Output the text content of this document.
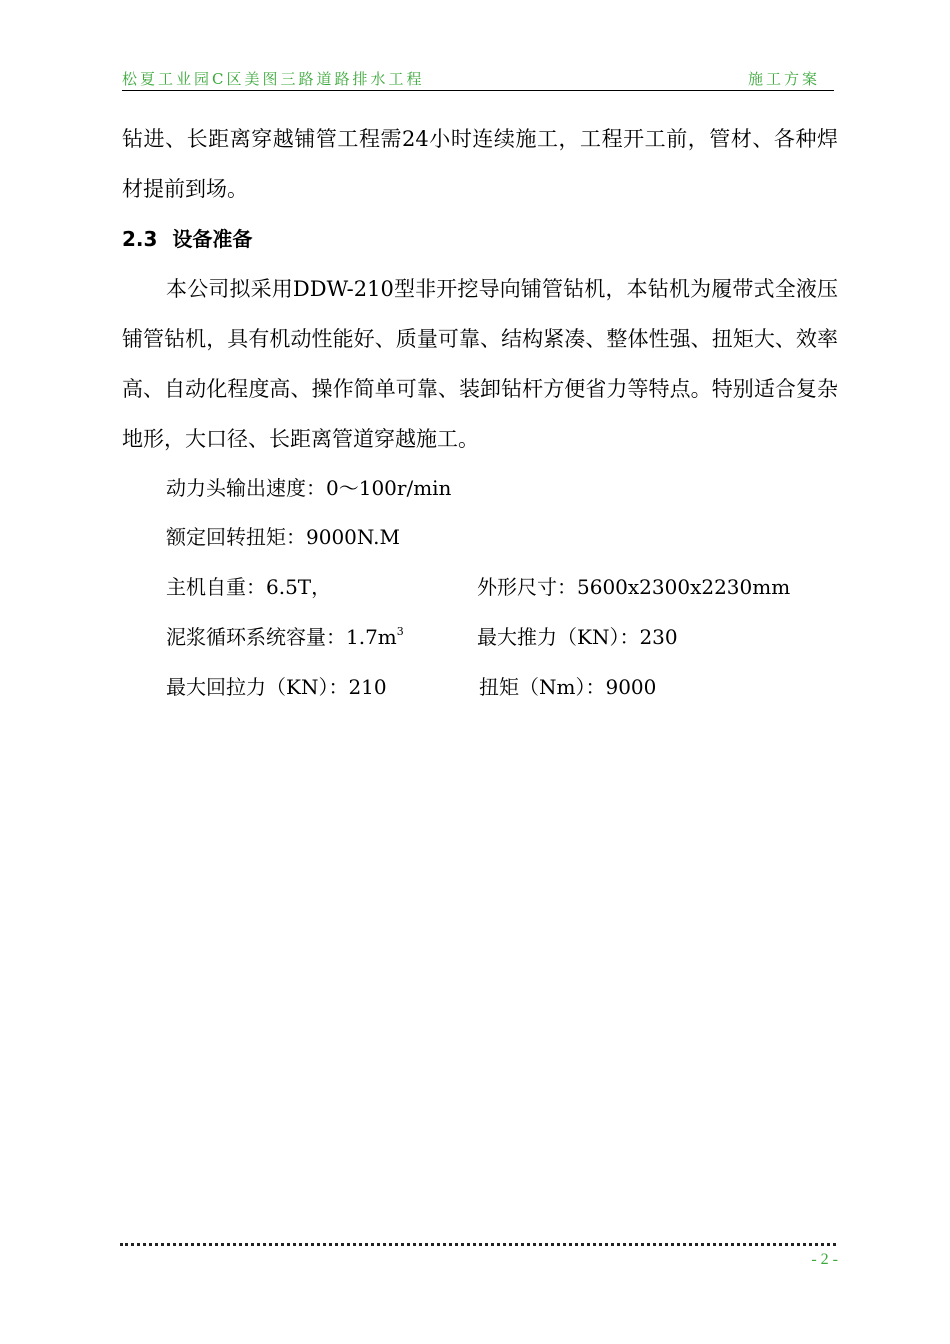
松夏工业园C区美图三路道路排水工程	施工方案

钻进、长距离穿越铺管工程需24小时连续施工，工程开工前，管材、各种焊材提前到场。

2.3 设备准备

本公司拟采用DDW-210型非开挖导向铺管钻机，本钻机为履带式全液压铺管钻机，具有机动性能好、质量可靠、结构紧凑、整体性强、扭矩大、效率高、自动化程度高、操作简单可靠、装卸钻杆方便省力等特点。特别适合复杂地形，大口径、长距离管道穿越施工。

动力头输出速度：0～100r/min
额定回转扭矩：9000N.M
主机自重：6.5T，	外形尺寸：5600x2300x2230mm
泥浆循环系统容量：$1.7m^3$	最大推力（KN）：230
最大回拉力（KN）：210	扭矩（Nm）：9000
- 2 -
